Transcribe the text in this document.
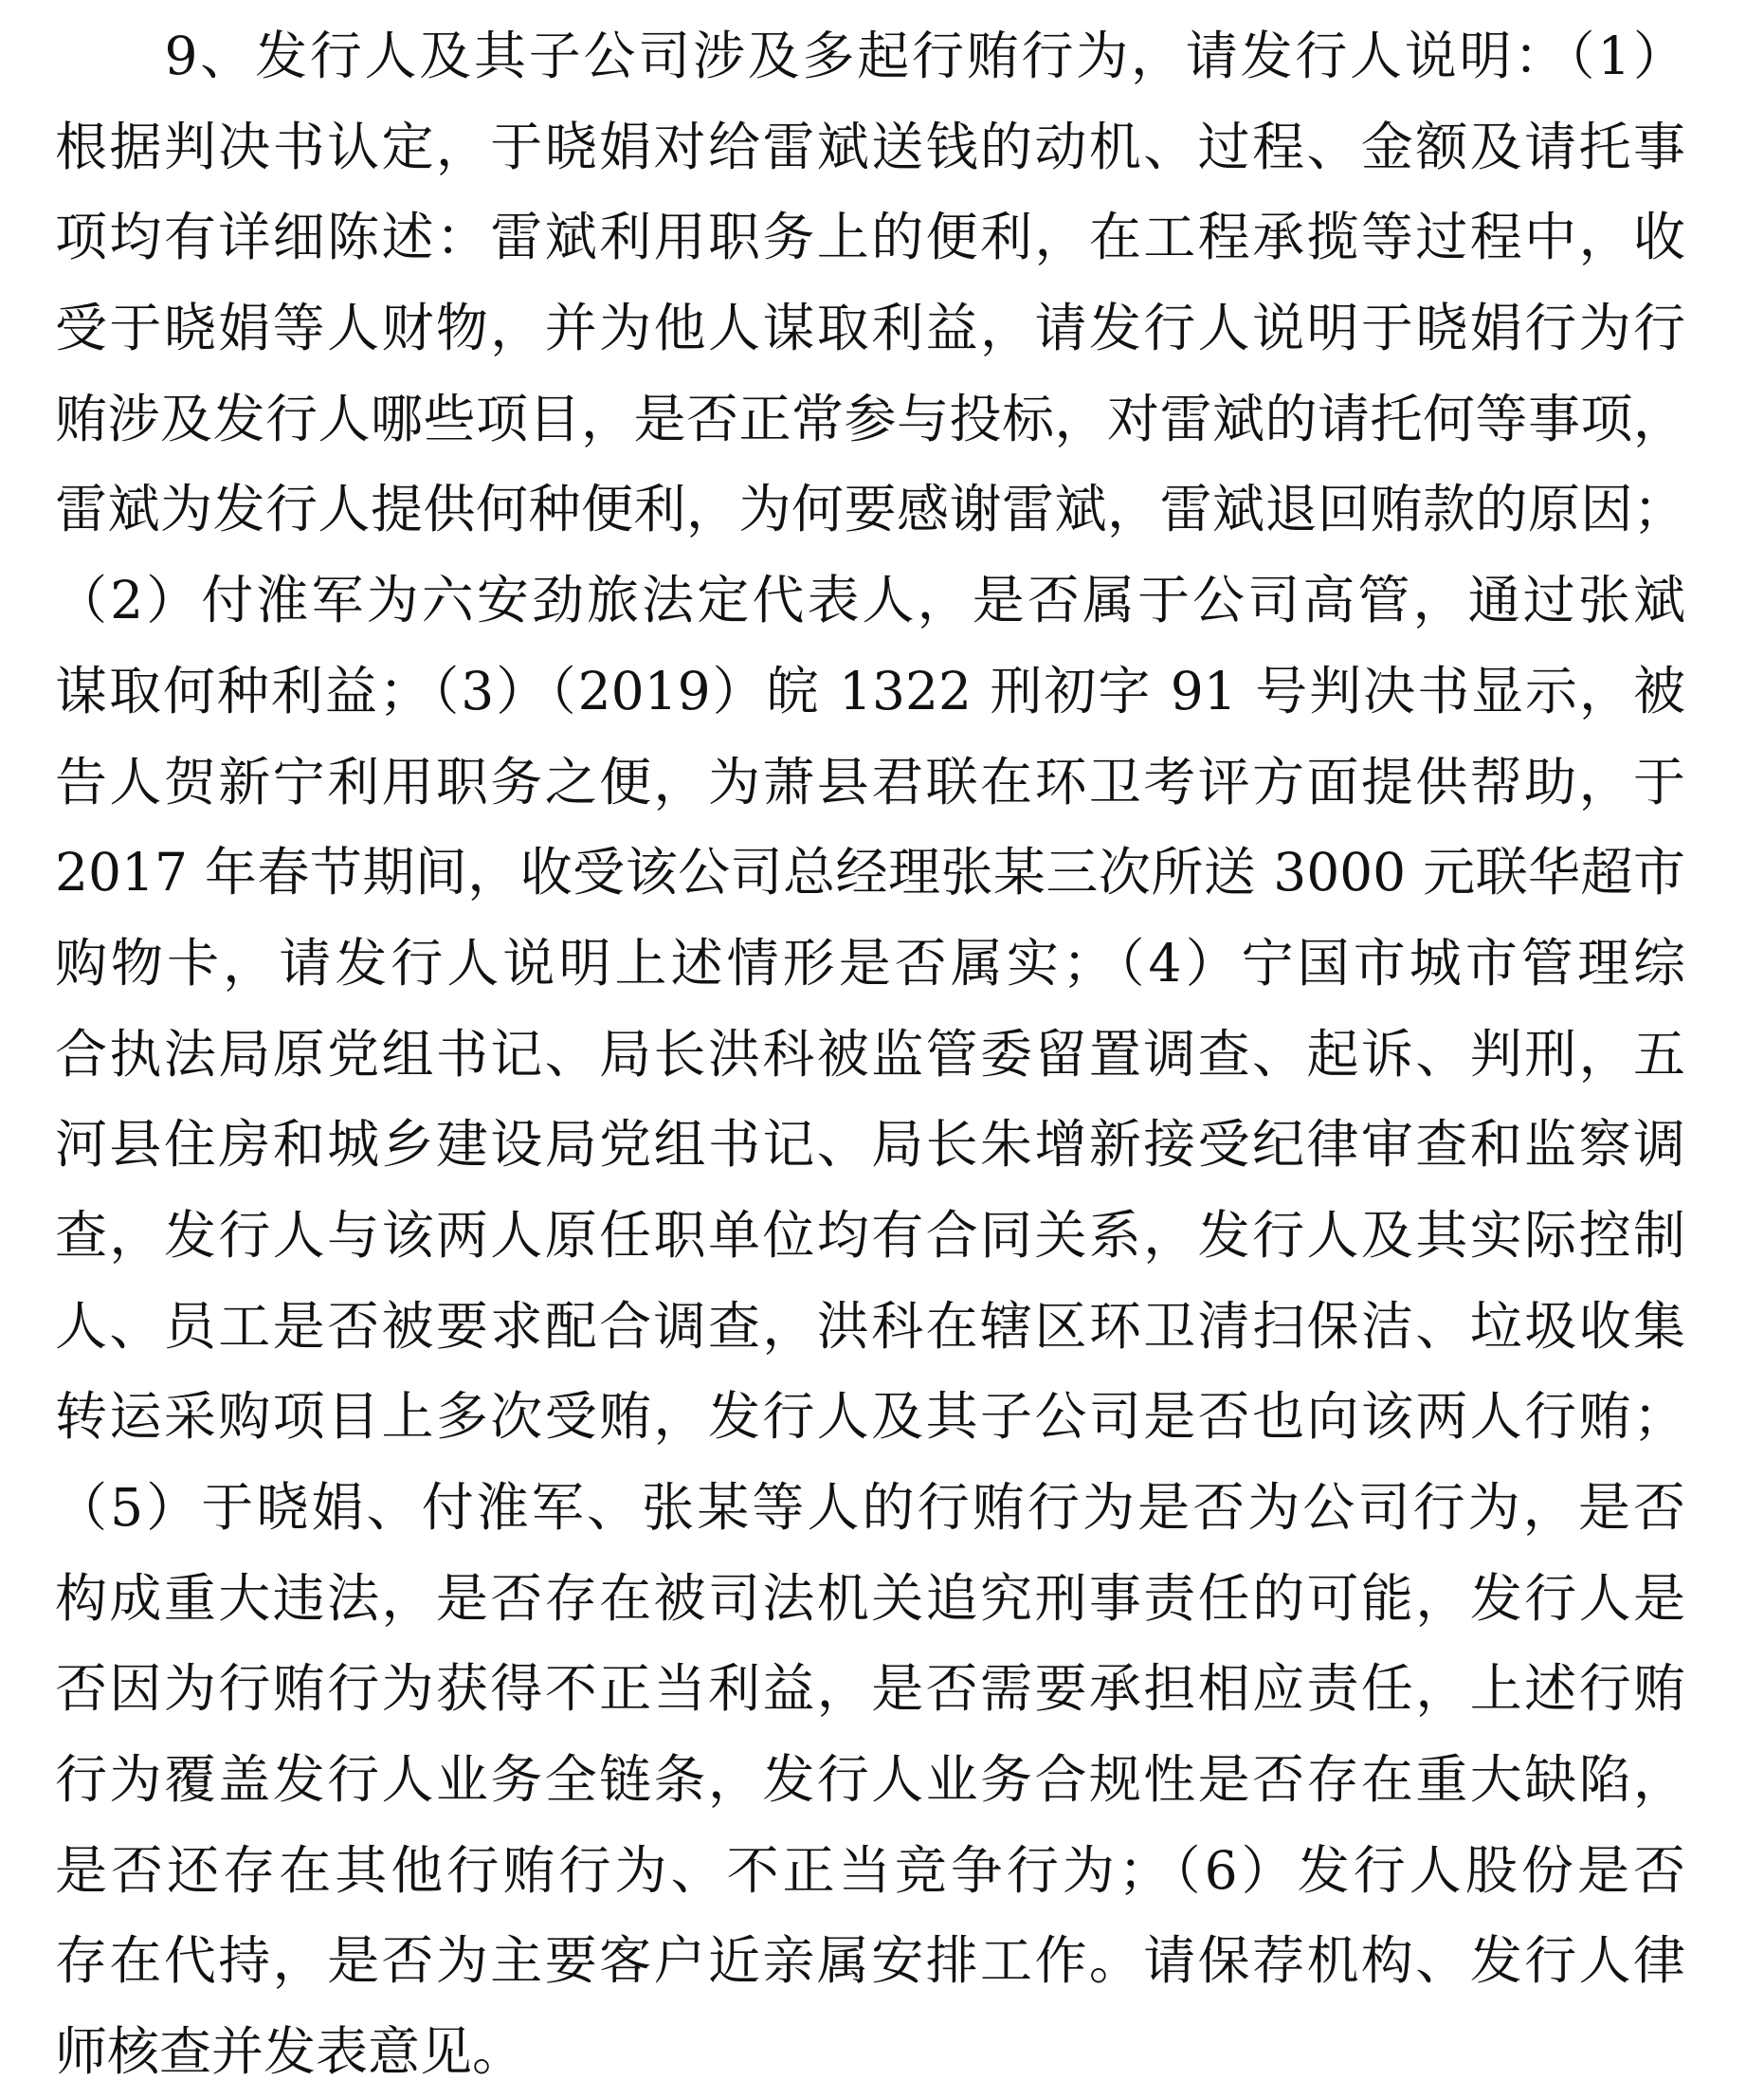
　　9、发行人及其子公司涉及多起行贿行为，请发行人说明：（1）
根据判决书认定，于晓娟对给雷斌送钱的动机、过程、金额及请托事
项均有详细陈述：雷斌利用职务上的便利，在工程承揽等过程中，收
受于晓娟等人财物，并为他人谋取利益，请发行人说明于晓娟行为行
贿涉及发行人哪些项目，是否正常参与投标，对雷斌的请托何等事项，
雷斌为发行人提供何种便利，为何要感谢雷斌，雷斌退回贿款的原因；
（2）付淮军为六安劲旅法定代表人，是否属于公司高管，通过张斌
谋取何种利益；（3）（2019）皖 1322 刑初字 91 号判决书显示，被
告人贺新宁利用职务之便，为萧县君联在环卫考评方面提供帮助，于
2017 年春节期间，收受该公司总经理张某三次所送 3000 元联华超市
购物卡，请发行人说明上述情形是否属实；（4）宁国市城市管理综
合执法局原党组书记、局长洪科被监管委留置调查、起诉、判刑，五
河县住房和城乡建设局党组书记、局长朱增新接受纪律审查和监察调
查，发行人与该两人原任职单位均有合同关系，发行人及其实际控制
人、员工是否被要求配合调查，洪科在辖区环卫清扫保洁、垃圾收集
转运采购项目上多次受贿，发行人及其子公司是否也向该两人行贿；
（5）于晓娟、付淮军、张某等人的行贿行为是否为公司行为，是否
构成重大违法，是否存在被司法机关追究刑事责任的可能，发行人是
否因为行贿行为获得不正当利益，是否需要承担相应责任，上述行贿
行为覆盖发行人业务全链条，发行人业务合规性是否存在重大缺陷，
是否还存在其他行贿行为、不正当竞争行为；（6）发行人股份是否
存在代持，是否为主要客户近亲属安排工作。请保荐机构、发行人律
师核查并发表意见。
